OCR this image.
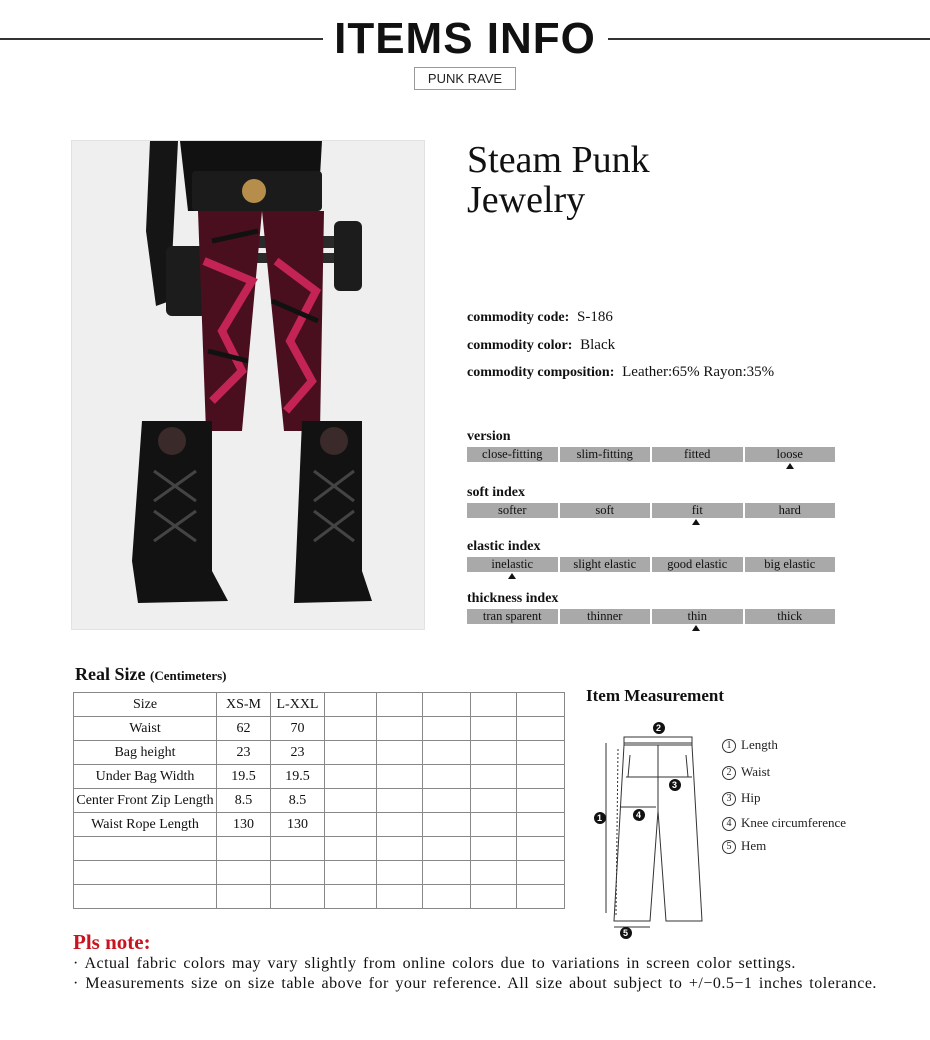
ITEMS INFO
PUNK RAVE
Steam Punk
Jewelry
commodity code: S-186
commodity color: Black
commodity composition: Leather:65% Rayon:35%
version
close-fitting	slim-fitting	fitted	loose
soft index
softer	soft	fit	hard
elastic index
inelastic	slight elastic	good elastic	big elastic
thickness index
tran sparent	thinner	thin	thick
Real Size (Centimeters)
Size	XS-M	L-XXL					
Waist	62	70					
Bag height	23	23					
Under Bag Width	19.5	19.5					
Center Front Zip Length	8.5	8.5					
Waist Rope Length	130	130					

Item Measurement
1
2
3
4
5
1 Length
2 Waist
3 Hip
4 Knee circumference
5 Hem
Pls note:
· Actual fabric colors may vary slightly from online colors due to variations in screen color settings.
· Measurements size on size table above for your reference. All size about subject to +/−0.5−1 inches tolerance.
